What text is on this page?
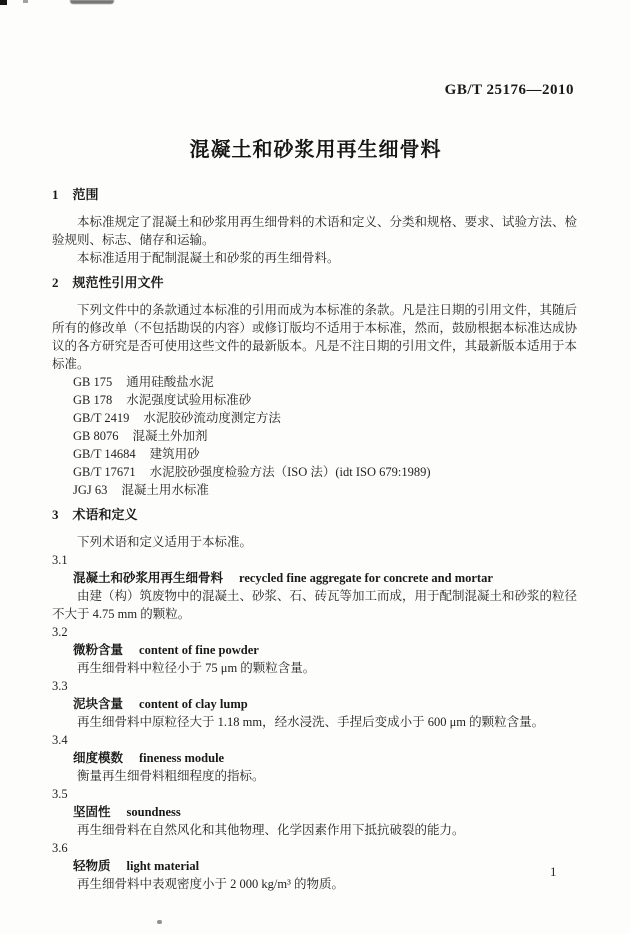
GB/T 25176—2010
混凝土和砂浆用再生细骨料
1 范围

本标准规定了混凝土和砂浆用再生细骨料的术语和定义、分类和规格、要求、试验方法、检验规则、标志、储存和运输。

本标准适用于配制混凝土和砂浆的再生细骨料。

2 规范性引用文件

下列文件中的条款通过本标准的引用而成为本标准的条款。凡是注日期的引用文件，其随后所有的修改单（不包括勘误的内容）或修订版均不适用于本标准，然而，鼓励根据本标准达成协议的各方研究是否可使用这些文件的最新版本。凡是不注日期的引用文件，其最新版本适用于本标准。

GB 175 通用硅酸盐水泥

GB 178 水泥强度试验用标准砂

GB/T 2419 水泥胶砂流动度测定方法

GB 8076 混凝土外加剂

GB/T 14684 建筑用砂

GB/T 17671 水泥胶砂强度检验方法（ISO 法）(idt ISO 679:1989)

JGJ 63 混凝土用水标准

3 术语和定义

下列术语和定义适用于本标准。

3.1

混凝土和砂浆用再生细骨料 recycled fine aggregate for concrete and mortar

由建（构）筑废物中的混凝土、砂浆、石、砖瓦等加工而成，用于配制混凝土和砂浆的粒径不大于 4.75 mm 的颗粒。

3.2

微粉含量 content of fine powder

再生细骨料中粒径小于 75 μm 的颗粒含量。

3.3

泥块含量 content of clay lump

再生细骨料中原粒径大于 1.18 mm，经水浸洗、手捏后变成小于 600 μm 的颗粒含量。

3.4

细度模数 fineness module

衡量再生细骨料粗细程度的指标。

3.5

坚固性 soundness

再生细骨料在自然风化和其他物理、化学因素作用下抵抗破裂的能力。

3.6

轻物质 light material

再生细骨料中表观密度小于 2 000 kg/m³ 的物质。

1
